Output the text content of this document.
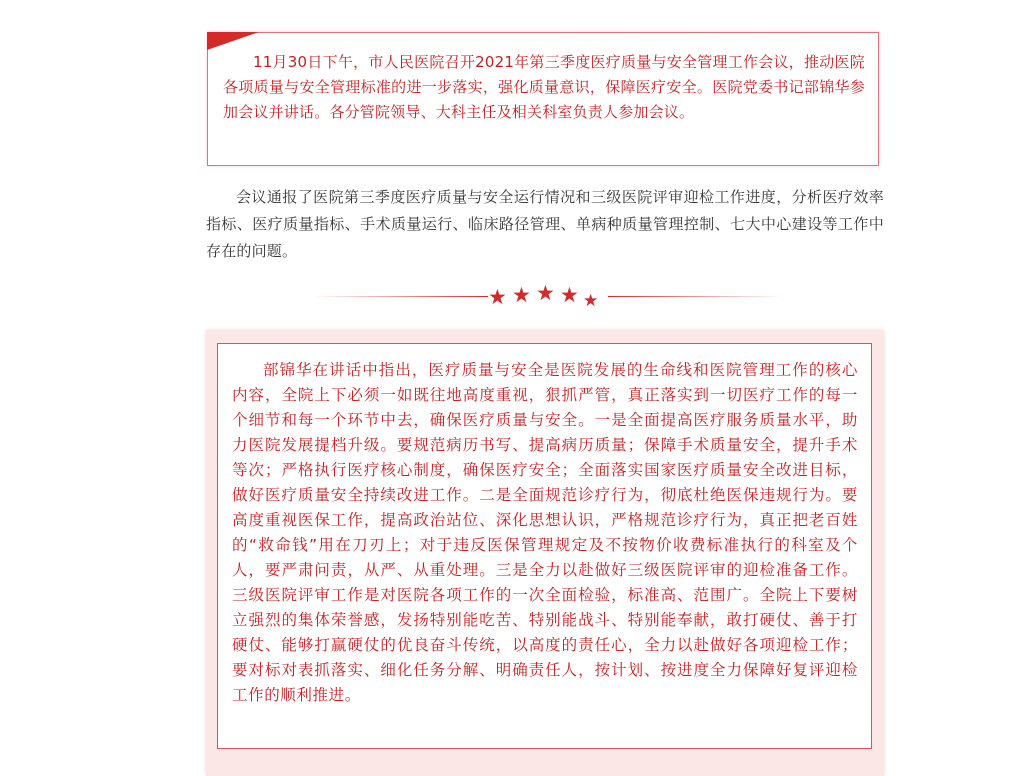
11月30日下午，市人民医院召开2021年第三季度医疗质量与安全管理工作会议，推动医院各项质量与安全管理标准的进一步落实，强化质量意识，保障医疗安全。医院党委书记部锦华参加会议并讲话。各分管院领导、大科主任及相关科室负责人参加会议。

会议通报了医院第三季度医疗质量与安全运行情况和三级医院评审迎检工作进度，分析医疗效率指标、医疗质量指标、手术质量运行、临床路径管理、单病种质量管理控制、七大中心建设等工作中存在的问题。

★ ★ ★ ★ ★

部锦华在讲话中指出，医疗质量与安全是医院发展的生命线和医院管理工作的核心内容，全院上下必须一如既往地高度重视，狠抓严管，真正落实到一切医疗工作的每一个细节和每一个环节中去，确保医疗质量与安全。一是全面提高医疗服务质量水平，助力医院发展提档升级。要规范病历书写、提高病历质量；保障手术质量安全，提升手术等次；严格执行医疗核心制度，确保医疗安全；全面落实国家医疗质量安全改进目标，做好医疗质量安全持续改进工作。二是全面规范诊疗行为，彻底杜绝医保违规行为。要高度重视医保工作，提高政治站位、深化思想认识，严格规范诊疗行为，真正把老百姓的“救命钱”用在刀刃上；对于违反医保管理规定及不按物价收费标准执行的科室及个人，要严肃问责，从严、从重处理。三是全力以赴做好三级医院评审的迎检准备工作。三级医院评审工作是对医院各项工作的一次全面检验，标准高、范围广。全院上下要树立强烈的集体荣誉感，发扬特别能吃苦、特别能战斗、特别能奉献，敢打硬仗、善于打硬仗、能够打赢硬仗的优良奋斗传统，以高度的责任心，全力以赴做好各项迎检工作；要对标对表抓落实、细化任务分解、明确责任人，按计划、按进度全力保障好复评迎检工作的顺利推进。
